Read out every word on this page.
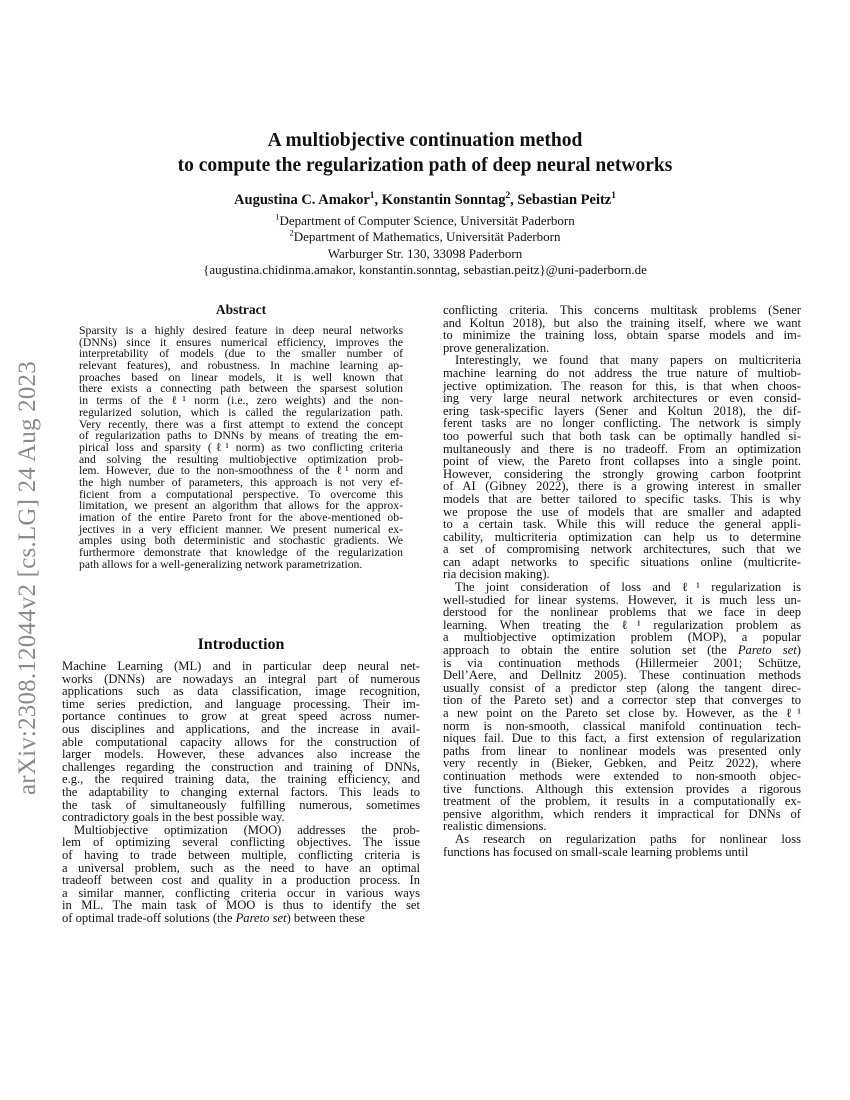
A multiobjective continuation method
to compute the regularization path of deep neural networks
Augustina C. Amakor$^1$, Konstantin Sonntag$^2$, Sebastian Peitz$^1$
$^1$Department of Computer Science, Universität Paderborn
$^2$Department of Mathematics, Universität Paderborn
Warburger Str. 130, 33098 Paderborn
{augustina.chidinma.amakor, konstantin.sonntag, sebastian.peitz}@uni-paderborn.de
arXiv:2308.12044v2 [cs.LG] 24 Aug 2023
Abstract
Sparsity is a highly desired feature in deep neural networks
(DNNs) since it ensures numerical efficiency, improves the
interpretability of models (due to the smaller number of
relevant features), and robustness. In machine learning ap-
proaches based on linear models, it is well known that
there exists a connecting path between the sparsest solution
in terms of the ℓ¹ norm (i.e., zero weights) and the non-
regularized solution, which is called the regularization path.
Very recently, there was a first attempt to extend the concept
of regularization paths to DNNs by means of treating the em-
pirical loss and sparsity (ℓ¹ norm) as two conflicting criteria
and solving the resulting multiobjective optimization prob-
lem. However, due to the non-smoothness of the ℓ¹ norm and
the high number of parameters, this approach is not very ef-
ficient from a computational perspective. To overcome this
limitation, we present an algorithm that allows for the approx-
imation of the entire Pareto front for the above-mentioned ob-
jectives in a very efficient manner. We present numerical ex-
amples using both deterministic and stochastic gradients. We
furthermore demonstrate that knowledge of the regularization
path allows for a well-generalizing network parametrization.
Introduction
Machine Learning (ML) and in particular deep neural net-
works (DNNs) are nowadays an integral part of numerous
applications such as data classification, image recognition,
time series prediction, and language processing. Their im-
portance continues to grow at great speed across numer-
ous disciplines and applications, and the increase in avail-
able computational capacity allows for the construction of
larger models. However, these advances also increase the
challenges regarding the construction and training of DNNs,
e.g., the required training data, the training efficiency, and
the adaptability to changing external factors. This leads to
the task of simultaneously fulfilling numerous, sometimes
contradictory goals in the best possible way.
Multiobjective optimization (MOO) addresses the prob-
lem of optimizing several conflicting objectives. The issue
of having to trade between multiple, conflicting criteria is
a universal problem, such as the need to have an optimal
tradeoff between cost and quality in a production process. In
a similar manner, conflicting criteria occur in various ways
in ML. The main task of MOO is thus to identify the set
of optimal trade-off solutions (the Pareto set) between these
conflicting criteria. This concerns multitask problems (Sener
and Koltun 2018), but also the training itself, where we want
to minimize the training loss, obtain sparse models and im-
prove generalization.
Interestingly, we found that many papers on multicriteria
machine learning do not address the true nature of multiob-
jective optimization. The reason for this, is that when choos-
ing very large neural network architectures or even consid-
ering task-specific layers (Sener and Koltun 2018), the dif-
ferent tasks are no longer conflicting. The network is simply
too powerful such that both task can be optimally handled si-
multaneously and there is no tradeoff. From an optimization
point of view, the Pareto front collapses into a single point.
However, considering the strongly growing carbon footprint
of AI (Gibney 2022), there is a growing interest in smaller
models that are better tailored to specific tasks. This is why
we propose the use of models that are smaller and adapted
to a certain task. While this will reduce the general appli-
cability, multicriteria optimization can help us to determine
a set of compromising network architectures, such that we
can adapt networks to specific situations online (multicrite-
ria decision making).
The joint consideration of loss and ℓ¹ regularization is
well-studied for linear systems. However, it is much less un-
derstood for the nonlinear problems that we face in deep
learning. When treating the ℓ¹ regularization problem as
a multiobjective optimization problem (MOP), a popular
approach to obtain the entire solution set (the Pareto set)
is via continuation methods (Hillermeier 2001; Schütze,
Dell’Aere, and Dellnitz 2005). These continuation methods
usually consist of a predictor step (along the tangent direc-
tion of the Pareto set) and a corrector step that converges to
a new point on the Pareto set close by. However, as the ℓ¹
norm is non-smooth, classical manifold continuation tech-
niques fail. Due to this fact, a first extension of regularization
paths from linear to nonlinear models was presented only
very recently in (Bieker, Gebken, and Peitz 2022), where
continuation methods were extended to non-smooth objec-
tive functions. Although this extension provides a rigorous
treatment of the problem, it results in a computationally ex-
pensive algorithm, which renders it impractical for DNNs of
realistic dimensions.
As research on regularization paths for nonlinear loss
functions has focused on small-scale learning problems until
